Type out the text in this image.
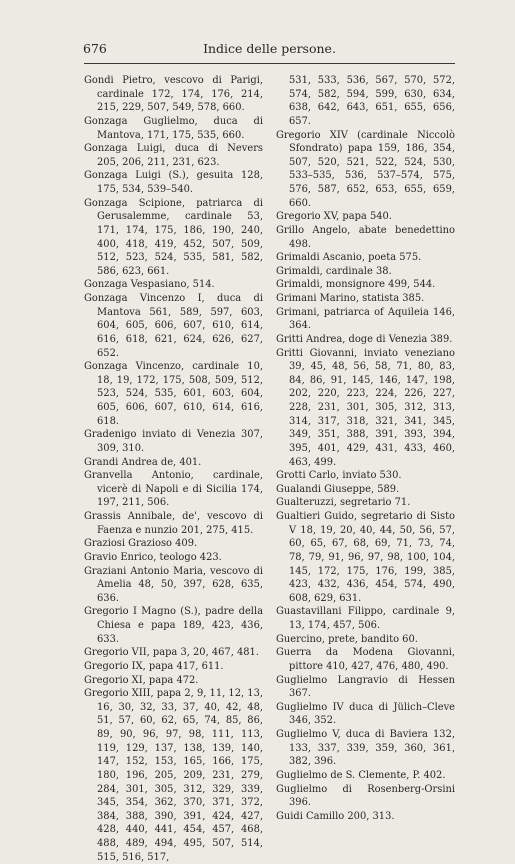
676	Indice delle persone.

Gondi Pietro, vescovo di Parigi, cardinale 172, 174, 176, 214, 215, 229, 507, 549, 578, 660.

Gonzaga Guglielmo, duca di Mantova, 171, 175, 535, 660.

Gonzaga Luigi, duca di Nevers 205, 206, 211, 231, 623.

Gonzaga Luigi (S.), gesuita 128, 175, 534, 539–540.

Gonzaga Scipione, patriarca di Gerusalemme, cardinale 53, 171, 174, 175, 186, 190, 240, 400, 418, 419, 452, 507, 509, 512, 523, 524, 535, 581, 582, 586, 623, 661.

Gonzaga Vespasiano, 514.

Gonzaga Vincenzo I, duca di Mantova 561, 589, 597, 603, 604, 605, 606, 607, 610, 614, 616, 618, 621, 624, 626, 627, 652.

Gonzaga Vincenzo, cardinale 10, 18, 19, 172, 175, 508, 509, 512, 523, 524, 535, 601, 603, 604, 605, 606, 607, 610, 614, 616, 618.

Gradenigo inviato di Venezia 307, 309, 310.

Grandi Andrea de, 401.

Granvella Antonio, cardinale, vicerè di Napoli e di Sicilia 174, 197, 211, 506.

Grassis Annibale, de', vescovo di Faenza e nunzio 201, 275, 415.

Graziosi Grazioso 409.

Gravio Enrico, teologo 423.

Graziani Antonio Maria, vescovo di Amelia 48, 50, 397, 628, 635, 636.

Gregorio I Magno (S.), padre della Chiesa e papa 189, 423, 436, 633.

Gregorio VII, papa 3, 20, 467, 481.

Gregorio IX, papa 417, 611.

Gregorio XI, papa 472.

Gregorio XIII, papa 2, 9, 11, 12, 13, 16, 30, 32, 33, 37, 40, 42, 48, 51, 57, 60, 62, 65, 74, 85, 86, 89, 90, 96, 97, 98, 111, 113, 119, 129, 137, 138, 139, 140, 147, 152, 153, 165, 166, 175, 180, 196, 205, 209, 231, 279, 284, 301, 305, 312, 329, 339, 345, 354, 362, 370, 371, 372, 384, 388, 390, 391, 424, 427, 428, 440, 441, 454, 457, 468, 488, 489, 494, 495, 507, 514, 515, 516, 517,

531, 533, 536, 567, 570, 572, 574, 582, 594, 599, 630, 634, 638, 642, 643, 651, 655, 656, 657.

Gregorio XIV (cardinale Niccolò Sfondrato) papa 159, 186, 354, 507, 520, 521, 522, 524, 530, 533–535, 536, 537–574, 575, 576, 587, 652, 653, 655, 659, 660.

Gregorio XV, papa 540.

Grillo Angelo, abate benedettino 498.

Grimaldi Ascanio, poeta 575.

Grimaldi, cardinale 38.

Grimaldi, monsignore 499, 544.

Grimani Marino, statista 385.

Grimani, patriarca of Aquileia 146, 364.

Gritti Andrea, doge di Venezia 389.

Gritti Giovanni, inviato veneziano 39, 45, 48, 56, 58, 71, 80, 83, 84, 86, 91, 145, 146, 147, 198, 202, 220, 223, 224, 226, 227, 228, 231, 301, 305, 312, 313, 314, 317, 318, 321, 341, 345, 349, 351, 388, 391, 393, 394, 395, 401, 429, 431, 433, 460, 463, 499.

Grotti Carlo, inviato 530.

Gualandi Giuseppe, 589.

Gualteruzzi, segretario 71.

Gualtieri Guido, segretario di Sisto V 18, 19, 20, 40, 44, 50, 56, 57, 60, 65, 67, 68, 69, 71, 73, 74, 78, 79, 91, 96, 97, 98, 100, 104, 145, 172, 175, 176, 199, 385, 423, 432, 436, 454, 574, 490, 608, 629, 631.

Guastavillani Filippo, cardinale 9, 13, 174, 457, 506.

Guercino, prete, bandito 60.

Guerra da Modena Giovanni, pittore 410, 427, 476, 480, 490.

Guglielmo Langravio di Hessen 367.

Guglielmo IV duca di Jülich–Cleve 346, 352.

Guglielmo V, duca di Baviera 132, 133, 337, 339, 359, 360, 361, 382, 396.

Guglielmo de S. Clemente, P. 402.

Guglielmo di Rosenberg-Orsini 396.

Guidi Camillo 200, 313.
